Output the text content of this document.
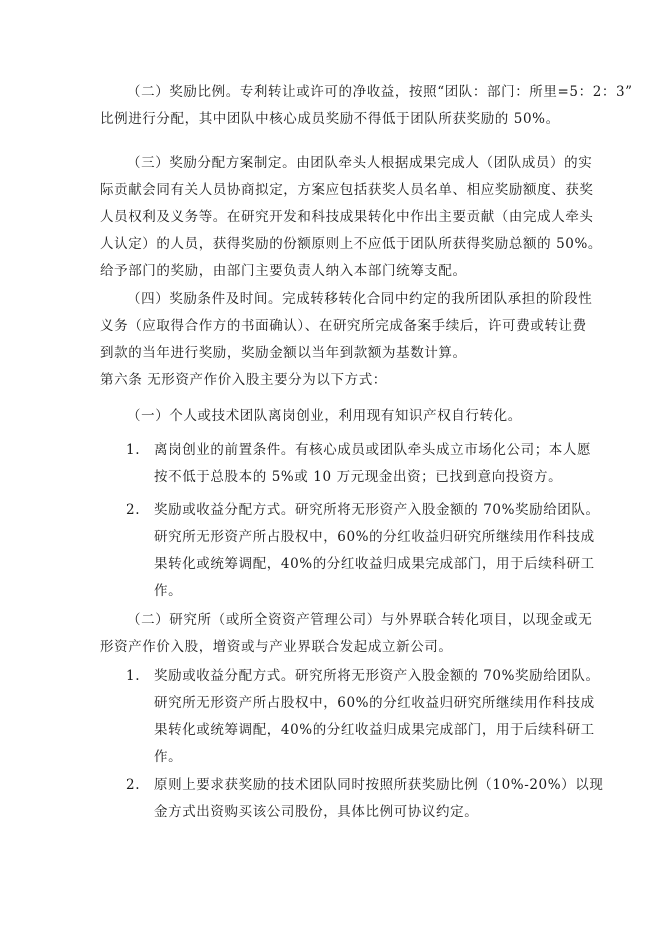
（二）奖励比例。专利转让或许可的净收益，按照“团队：部门：所里=5：2：3”
比例进行分配，其中团队中核心成员奖励不得低于团队所获奖励的 50%。
（三）奖励分配方案制定。由团队牵头人根据成果完成人（团队成员）的实
际贡献会同有关人员协商拟定，方案应包括获奖人员名单、相应奖励额度、获奖
人员权利及义务等。在研究开发和科技成果转化中作出主要贡献（由完成人牵头
人认定）的人员，获得奖励的份额原则上不应低于团队所获得奖励总额的 50%。
给予部门的奖励，由部门主要负责人纳入本部门统筹支配。
（四）奖励条件及时间。完成转移转化合同中约定的我所团队承担的阶段性
义务（应取得合作方的书面确认）、在研究所完成备案手续后，许可费或转让费
到款的当年进行奖励，奖励金额以当年到款额为基数计算。
第六条 无形资产作价入股主要分为以下方式：
（一）个人或技术团队离岗创业，利用现有知识产权自行转化。
1.	离岗创业的前置条件。有核心成员或团队牵头成立市场化公司；本人愿
按不低于总股本的 5%或 10 万元现金出资；已找到意向投资方。
2.	奖励或收益分配方式。研究所将无形资产入股金额的 70%奖励给团队。
研究所无形资产所占股权中，60%的分红收益归研究所继续用作科技成
果转化或统筹调配，40%的分红收益归成果完成部门，用于后续科研工
作。
（二）研究所（或所全资资产管理公司）与外界联合转化项目，以现金或无
形资产作价入股，增资或与产业界联合发起成立新公司。
1.	奖励或收益分配方式。研究所将无形资产入股金额的 70%奖励给团队。
研究所无形资产所占股权中，60%的分红收益归研究所继续用作科技成
果转化或统筹调配，40%的分红收益归成果完成部门，用于后续科研工
作。
2.	原则上要求获奖励的技术团队同时按照所获奖励比例（10%-20%）以现
金方式出资购买该公司股份，具体比例可协议约定。
